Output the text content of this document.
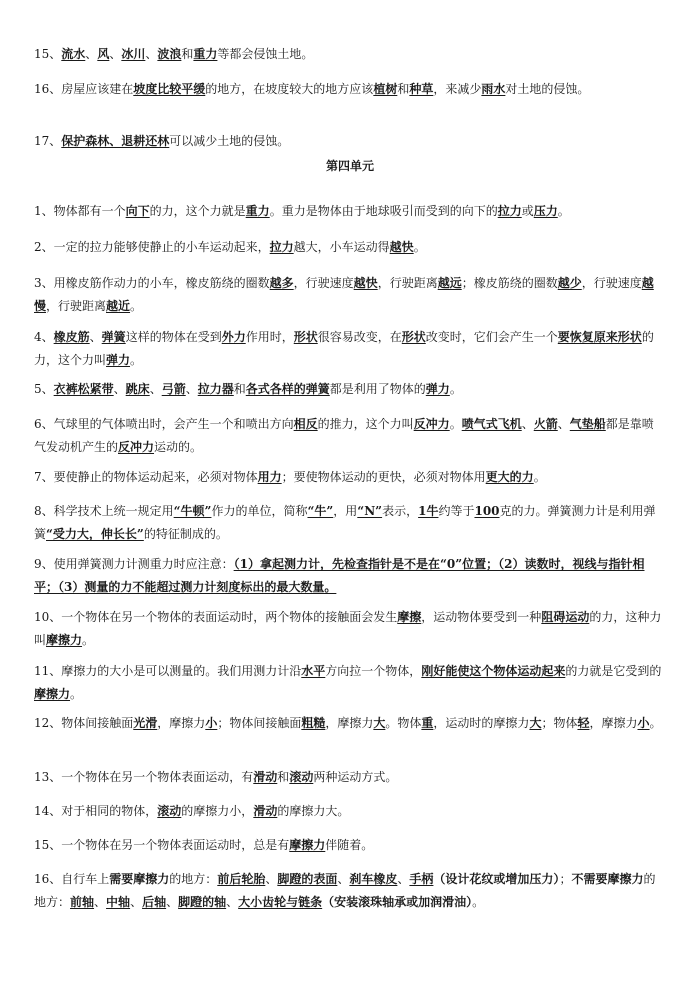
15、流水、风、冰川、波浪和重力等都会侵蚀土地。

16、房屋应该建在坡度比较平缓的地方，在坡度较大的地方应该植树和种草，来减少雨水对土地的侵蚀。

17、保护森林、退耕还林可以减少土地的侵蚀。

第四单元

1、物体都有一个向下的力，这个力就是重力。重力是物体由于地球吸引而受到的向下的拉力或压力。

2、一定的拉力能够使静止的小车运动起来，拉力越大，小车运动得越快。

3、用橡皮筋作动力的小车，橡皮筋绕的圈数越多，行驶速度越快，行驶距离越远；橡皮筋绕的圈数越少，行驶速度越慢，行驶距离越近。

4、橡皮筋、弹簧这样的物体在受到外力作用时，形状很容易改变，在形状改变时，它们会产生一个要恢复原来形状的力，这个力叫弹力。

5、衣裤松紧带、跳床、弓箭、拉力器和各式各样的弹簧都是利用了物体的弹力。

6、气球里的气体喷出时，会产生一个和喷出方向相反的推力，这个力叫反冲力。喷气式飞机、火箭、气垫船都是靠喷气发动机产生的反冲力运动的。

7、要使静止的物体运动起来，必须对物体用力；要使物体运动的更快，必须对物体用更大的力。

8、科学技术上统一规定用“牛顿”作力的单位，简称“牛”，用“N”表示，1牛约等于100克的力。弹簧测力计是利用弹簧“受力大，伸长长”的特征制成的。

9、使用弹簧测力计测重力时应注意：（1）拿起测力计，先检查指针是不是在“0”位置；（2）读数时，视线与指针相平；（3）测量的力不能超过测力计刻度标出的最大数量。

10、一个物体在另一个物体的表面运动时，两个物体的接触面会发生摩擦，运动物体要受到一种阻碍运动的力，这种力叫摩擦力。

11、摩擦力的大小是可以测量的。我们用测力计沿水平方向拉一个物体，刚好能使这个物体运动起来的力就是它受到的摩擦力。

12、物体间接触面光滑，摩擦力小；物体间接触面粗糙，摩擦力大。物体重，运动时的摩擦力大；物体轻，摩擦力小。

13、一个物体在另一个物体表面运动，有滑动和滚动两种运动方式。

14、对于相同的物体，滚动的摩擦力小，滑动的摩擦力大。

15、一个物体在另一个物体表面运动时，总是有摩擦力伴随着。

16、自行车上需要摩擦力的地方：前后轮胎、脚蹬的表面、刹车橡皮、手柄（设计花纹或增加压力）；不需要摩擦力的地方：前轴、中轴、后轴、脚蹬的轴、大小齿轮与链条（安装滚珠轴承或加润滑油）。
